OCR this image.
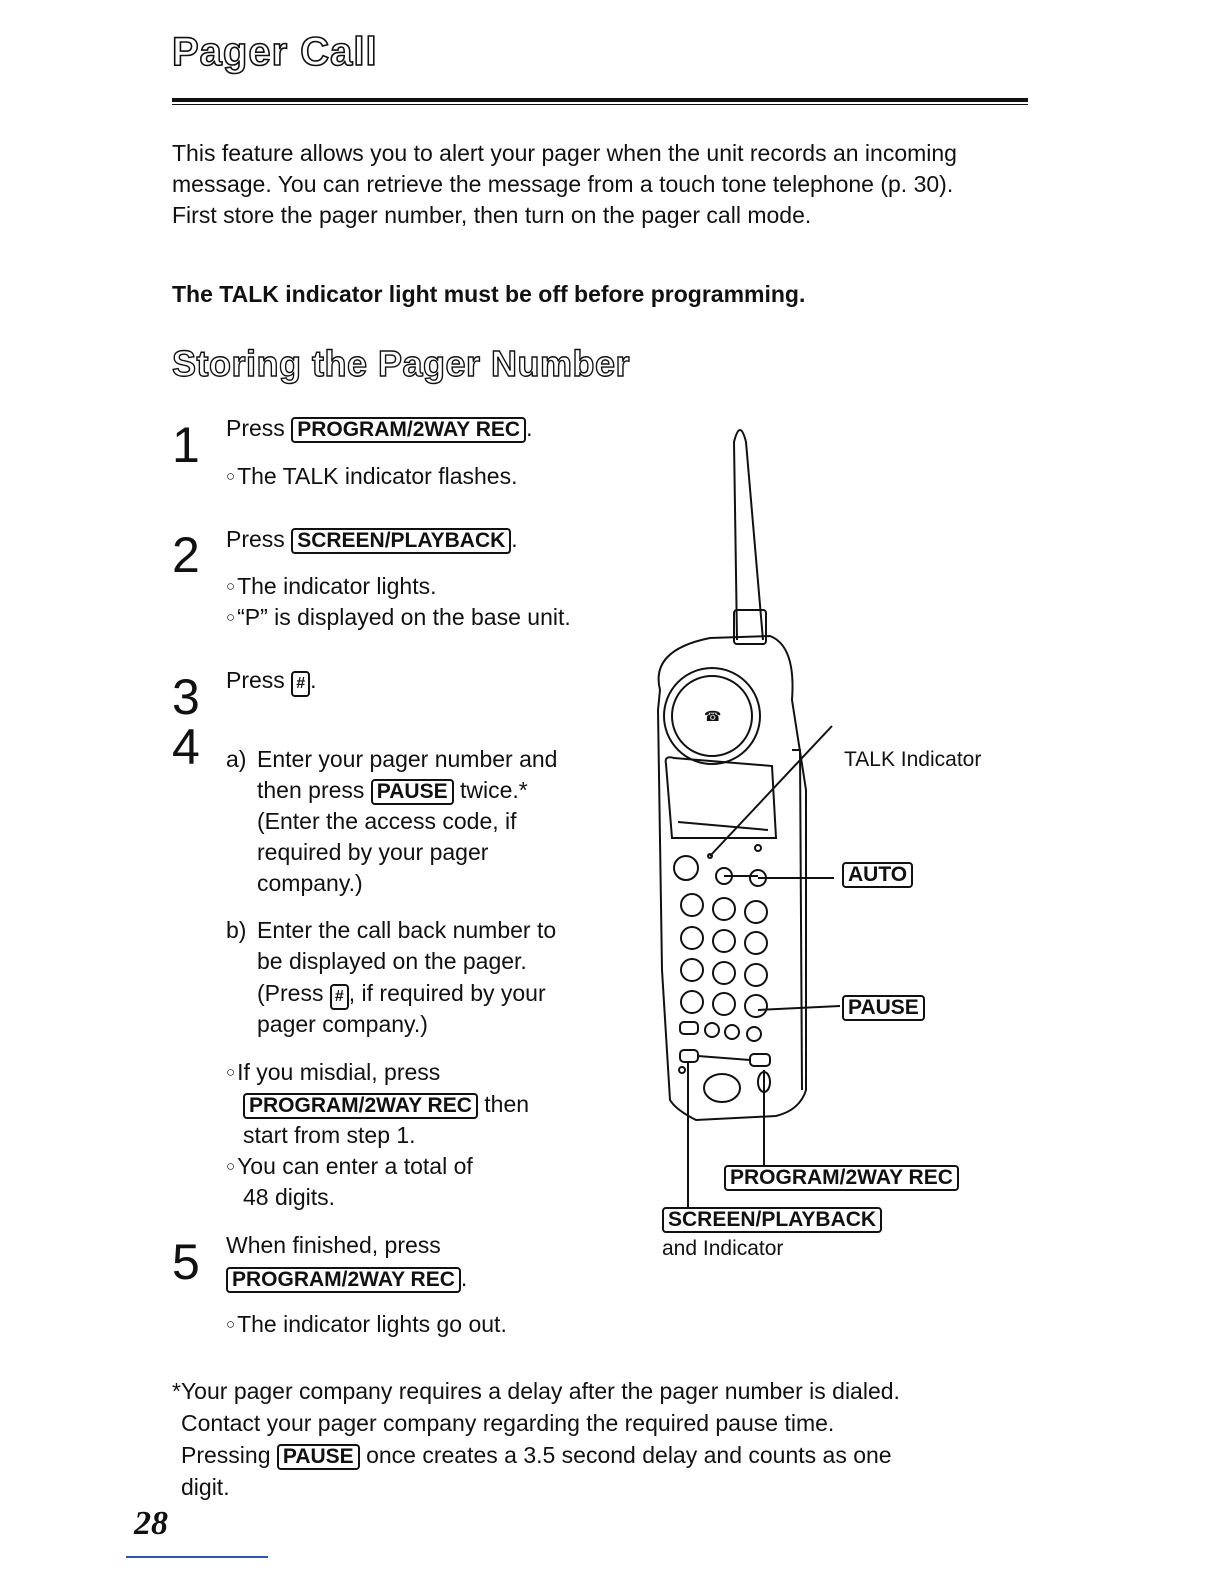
Pager Call
This feature allows you to alert your pager when the unit records an incoming message. You can retrieve the message from a touch tone telephone (p. 30). First store the pager number, then turn on the pager call mode.
The TALK indicator light must be off before programming.
Storing the Pager Number
1 Press PROGRAM/2WAY REC .
○ The TALK indicator flashes.
2 Press SCREEN/PLAYBACK .
○ The indicator lights.
○ “P” is displayed on the base unit.
3 Press # .
4 a) Enter your pager number and
then press PAUSE twice.*
(Enter the access code, if
required by your pager
company.)
b) Enter the call back number to
be displayed on the pager.
(Press # , if required by your
pager company.)
○ If you misdial, press
PROGRAM/2WAY REC then
start from step 1.
○ You can enter a total of
48 digits.
5 When finished, press
PROGRAM/2WAY REC .
○ The indicator lights go out.
☎
TALK Indicator
AUTO
PAUSE
PROGRAM/2WAY REC
SCREEN/PLAYBACK
and Indicator
*Your pager company requires a delay after the pager number is dialed.
Contact your pager company regarding the required pause time.
Pressing PAUSE once creates a 3.5 second delay and counts as one
digit.
28
